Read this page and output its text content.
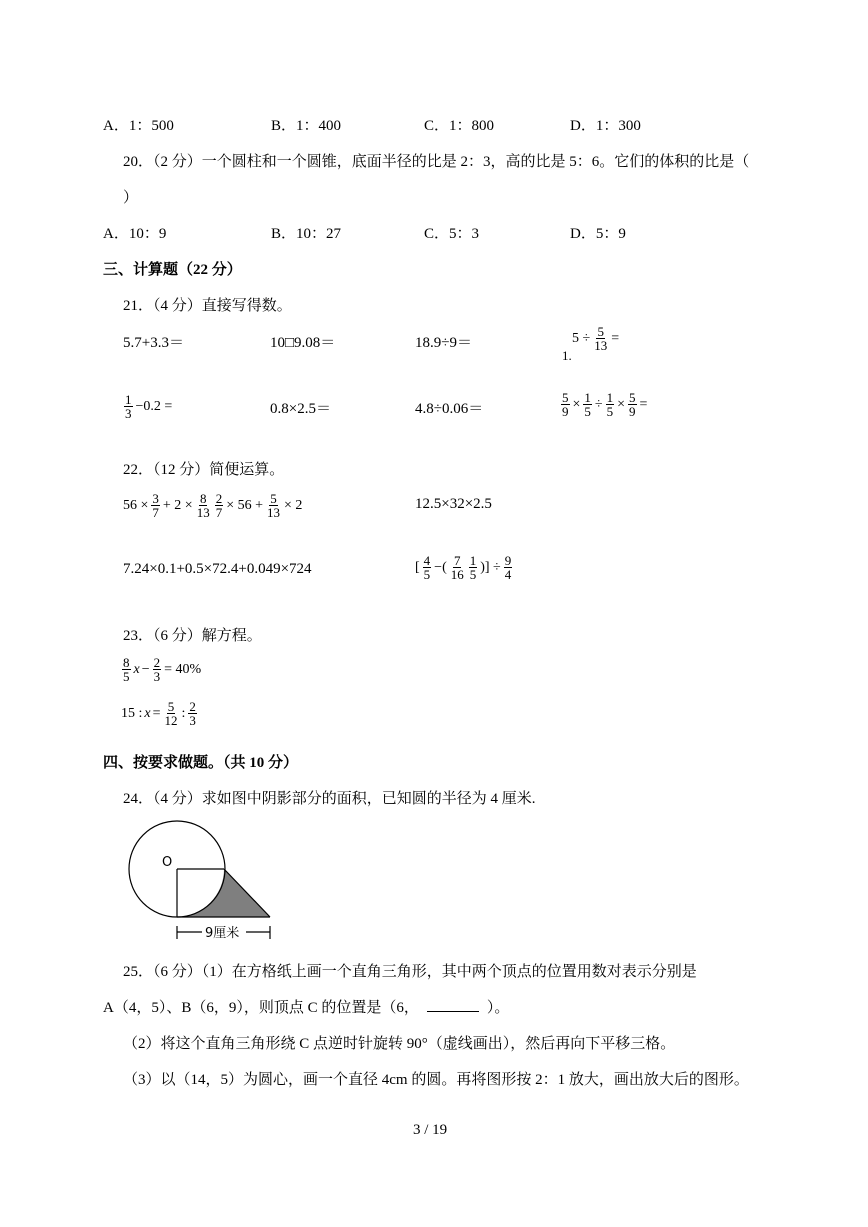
A．1：500	B．1：400	C．1：800	D．1：300
20．（2 分）一个圆柱和一个圆锥，底面半径的比是 2：3，高的比是 5：6。它们的体积的比是（
）
A．10：9	B．10：27	C．5：3	D．5：9
三、计算题（22 分）
21．（4 分）直接写得数。
5.7+3.3＝	10□9.08＝	18.9÷9＝	$5 \div \frac{5}{13}$ =
1.
$\frac{1}{3} -0.2$ =	0.8×2.5＝	4.8÷0.06＝	$\frac{5}{9} \times \frac{1}{5} \div \frac{1}{5} \times \frac{5}{9}$ =
22．（12 分）简便运算。
$56 \times \frac{3}{7} + 2 \times \frac{8}{13} \frac{2}{7} \times 56 + \frac{5}{13} \times 2$	12.5×32×2.5
7.24×0.1+0.5×72.4+0.049×724	[ $\frac{4}{5}$ −( $\frac{7}{16} \frac{1}{5}$ )] ÷ $\frac{9}{4}$
23．（6 分）解方程。
$\frac{8}{5}$ $x - \frac{2}{3} = 40\%$
15 : $x = \frac{5}{12}$ : $\frac{2}{3}$
四、按要求做题。（共 10 分）
24．（4 分）求如图中阴影部分的面积，已知圆的半径为 4 厘米.
O
9厘米
25．（6 分）（1）在方格纸上画一个直角三角形，其中两个顶点的位置用数对表示分别是
A（4，5）、B（6，9），则顶点 C 的位置是（6，	）。
（2）将这个直角三角形绕 C 点逆时针旋转 90°（虚线画出），然后再向下平移三格。
（3）以（14，5）为圆心，画一个直径 4cm 的圆。再将图形按 2：1 放大，画出放大后的图形。
3 / 19
